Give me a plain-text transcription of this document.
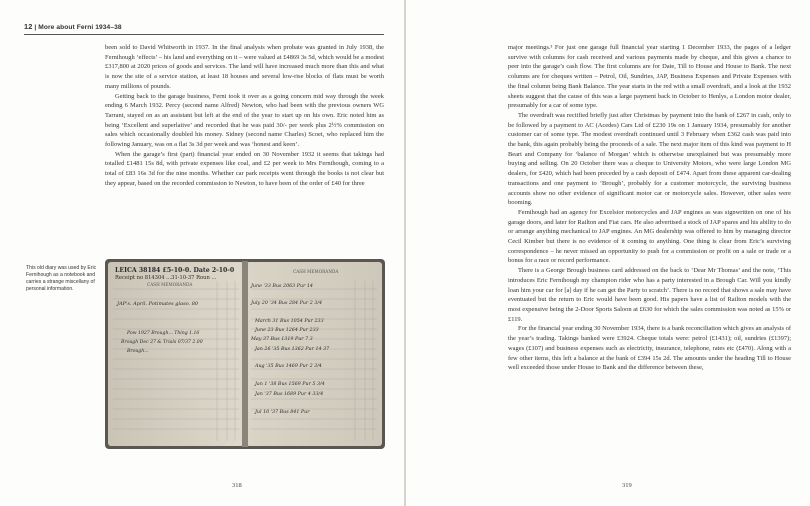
12 | More about Ferni 1934–38

been sold to David Whitworth in 1937. In the final analysis when probate was granted in July 1938, the Fernihough ‘effects’ – his land and everything on it – were valued at £4869 3s 5d, which would be a modest £317,800 at 2020 prices of goods and services. The land will have increased much more than this and what is now the site of a service station, at least 18 houses and several low-rise blocks of flats must be worth many millions of pounds.

Getting back to the garage business, Ferni took it over as a going concern mid way through the week ending 6 March 1932. Percy (second name Alfred) Newton, who had been with the previous owners WG Tarrant, stayed on as an assistant but left at the end of the year to start up on his own. Eric noted him as being ‘Excellent and superlative’ and recorded that he was paid 30/- per week plus 2½% commission on sales which occasionally doubled his money. Sidney (second name Charles) Scoet, who replaced him the following January, was on a flat 3s 3d per week and was ‘honest and keen’.

When the garage’s first (part) financial year ended on 30 November 1932 it seems that takings had totalled £1481 15s 8d, with private expenses like coal, and £2 per week to Mrs Fernihough, coming to a total of £83 16s 3d for the nine months. Whether car park receipts went through the books is not clear but they appear, based on the recorded commission to Newton, to have been of the order of £40 for three

This old diary was used by Eric Fernihough as a notebook and carries a strange miscellany of personal information.
LEICA 38184 £5-10-0. Date 2-10-0
Receipt no 814304 ...31-10-37 Roun ...
CASH MEMORANDA
CASH MEMORANDA
JAP's. April. Potimates glaso. 80
Pow 1927 Brough... Thing 1.16
Brough Dec 27 & Trials 07/37 2.00
Brough...
June '33 Bus 2063 Pur 14
July 20 '34 Bus 284 Pur 2 3/4
March 31 Bus 1054 Pur 233
June 23 Bus 1264 Pur 233
May 37 Bus 1319 Pur 7 3
Jan 26 '35 Bus 1362 Pur 14 37
Aug '35 Bus 1469 Pur 2 3/4
Jan 1 '38 Bus 1569 Pur 5 3/4
Jan '37 Bus 1689 Pur 4 33/4
Jul 10 '37 Bus 841 Pur
318	319

major meetings.³ For just one garage full financial year starting 1 December 1933, the pages of a ledger survive with columns for cash received and various payments made by cheque, and this gives a chance to peer into the garage’s cash flow. The first columns are for Date, Till to House and House to Bank. The next columns are for cheques written – Petrol, Oil, Sundries, JAP, Business Expenses and Private Expenses with the final column being Bank Balance. The year starts in the red with a small overdraft, and a look at the 1932 sheets suggest that the cause of this was a large payment back in October to Henlys, a London motor dealer, presumably for a car of some type.

The overdraft was rectified briefly just after Christmas by payment into the bank of £267 in cash, only to be followed by a payment to AC (Acedes) Cars Ltd of £230 19s on 1 January 1934, presumably for another customer car of some type. The modest overdraft continued until 3 February when £362 cash was paid into the bank, this again probably being the proceeds of a sale. The next major item of this kind was payment to H Beart and Company for ‘balance of Morgan’ which is otherwise unexplained but was presumably more buying and selling. On 20 October there was a cheque to University Motors, who were large London MG dealers, for £420, which had been preceded by a cash deposit of £474. Apart from these apparent car-dealing transactions and one payment to ‘Brough’, probably for a customer motorcycle, the surviving business accounts show no other evidence of significant motor car or motorcycle sales. However, other sales were booming.

Fernihough had an agency for Excelsior motorcycles and JAP engines as was signwritten on one of his garage doors, and later for Railton and Fiat cars. He also advertised a stock of JAP spares and his ability to do or arrange anything mechanical to JAP engines. An MG dealership was offered to him by managing director Cecil Kimber but there is no evidence of it coming to anything. One thing is clear from Eric’s surviving correspondence – he never missed an opportunity to push for a commission or profit on a sale or trade or a bonus for a race or record performance.

There is a George Brough business card addressed on the back to ‘Dear Mr Thomas’ and the note, ‘This introduces Eric Fernihough my champion rider who has a party interested in a Brough Car. Will you kindly loan him your car for [a] day if he can get the Party to scratch’. There is no record that shows a sale may have eventuated but the return to Eric would have been good. His papers have a list of Railton models with the most expensive being the 2-Door Sports Saloon at £630 for which the sales commission was noted as 15% or £119.

For the financial year ending 30 November 1934, there is a bank reconciliation which gives an analysis of the year’s trading. Takings banked were £3924. Cheque totals were: petrol (£1431); oil, sundries (£1397); wages (£107) and business expenses such as electricity, insurance, telephone, rates etc (£470). Along with a few other items, this left a balance at the bank of £394 15s 2d. The amounts under the heading Till to House well exceeded those under House to Bank and the difference between these,
